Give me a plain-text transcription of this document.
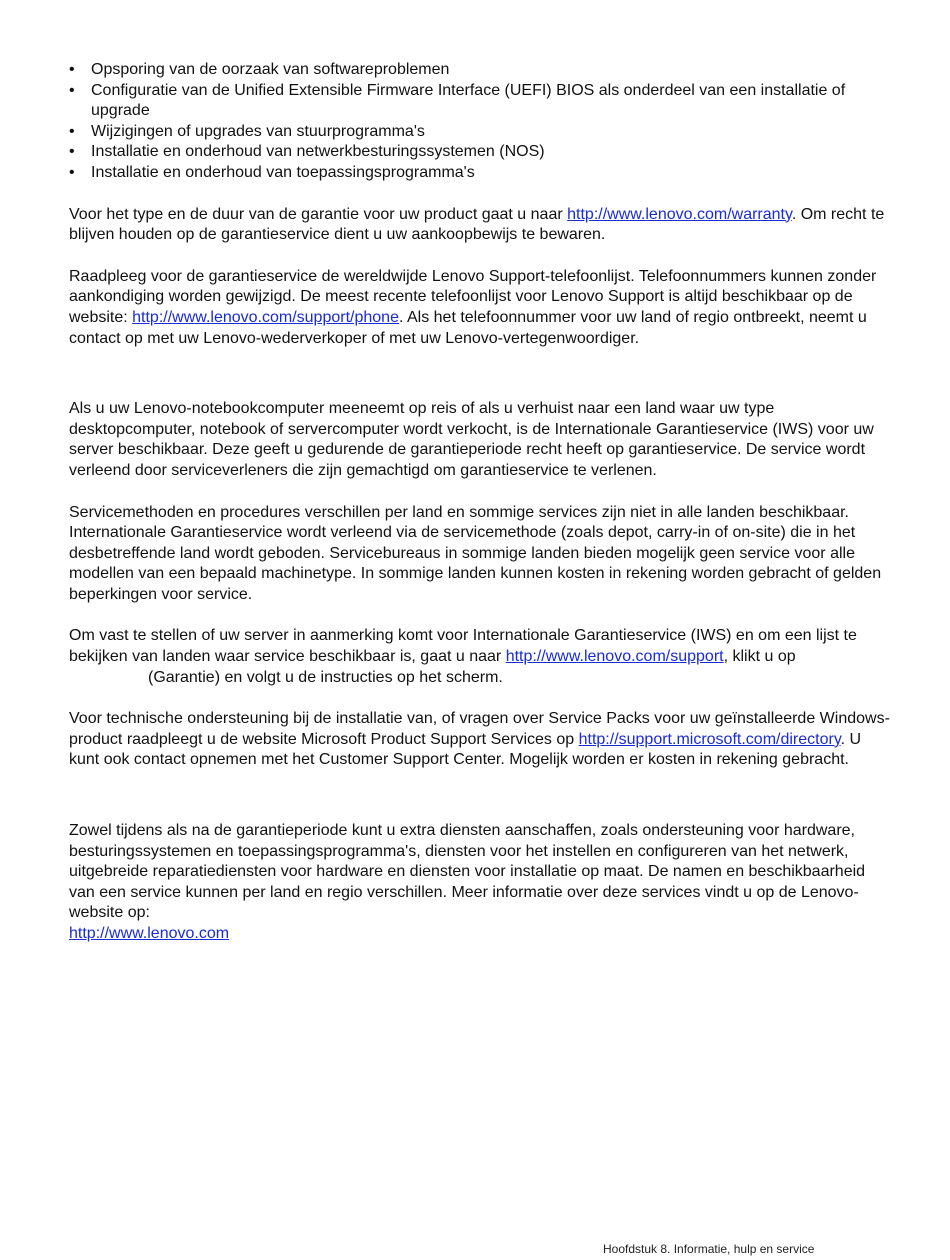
• Opsporing van de oorzaak van softwareproblemen
• Configuratie van de Unified Extensible Firmware Interface (UEFI) BIOS als onderdeel van een installatie of upgrade
• Wijzigingen of upgrades van stuurprogramma's
• Installatie en onderhoud van netwerkbesturingssystemen (NOS)
• Installatie en onderhoud van toepassingsprogramma's

Voor het type en de duur van de garantie voor uw product gaat u naar http://www.lenovo.com/warranty. Om recht te blijven houden op de garantieservice dient u uw aankoopbewijs te bewaren.

Raadpleeg voor de garantieservice de wereldwijde Lenovo Support-telefoonlijst. Telefoonnummers kunnen zonder aankondiging worden gewijzigd. De meest recente telefoonlijst voor Lenovo Support is altijd beschikbaar op de website: http://www.lenovo.com/support/phone. Als het telefoonnummer voor uw land of regio ontbreekt, neemt u contact op met uw Lenovo-wederverkoper of met uw Lenovo-vertegenwoordiger.

Als u uw Lenovo-notebookcomputer meeneemt op reis of als u verhuist naar een land waar uw type desktopcomputer, notebook of servercomputer wordt verkocht, is de Internationale Garantieservice (IWS) voor uw server beschikbaar. Deze geeft u gedurende de garantieperiode recht heeft op garantieservice. De service wordt verleend door serviceverleners die zijn gemachtigd om garantieservice te verlenen.

Servicemethoden en procedures verschillen per land en sommige services zijn niet in alle landen beschikbaar. Internationale Garantieservice wordt verleend via de servicemethode (zoals depot, carry-in of on-site) die in het desbetreffende land wordt geboden. Servicebureaus in sommige landen bieden mogelijk geen service voor alle modellen van een bepaald machinetype. In sommige landen kunnen kosten in rekening worden gebracht of gelden beperkingen voor service.

Om vast te stellen of uw server in aanmerking komt voor Internationale Garantieservice (IWS) en om een lijst te bekijken van landen waar service beschikbaar is, gaat u naar http://www.lenovo.com/support, klikt u op
(Garantie) en volgt u de instructies op het scherm.

Voor technische ondersteuning bij de installatie van, of vragen over Service Packs voor uw geïnstalleerde Windows-product raadpleegt u de website Microsoft Product Support Services op http://support.microsoft.com/directory. U kunt ook contact opnemen met het Customer Support Center. Mogelijk worden er kosten in rekening gebracht.

Zowel tijdens als na de garantieperiode kunt u extra diensten aanschaffen, zoals ondersteuning voor hardware, besturingssystemen en toepassingsprogramma's, diensten voor het instellen en configureren van het netwerk, uitgebreide reparatiediensten voor hardware en diensten voor installatie op maat. De namen en beschikbaarheid van een service kunnen per land en regio verschillen. Meer informatie over deze services vindt u op de Lenovo-website op:

http://www.lenovo.com

Hoofdstuk 8. Informatie, hulp en service
